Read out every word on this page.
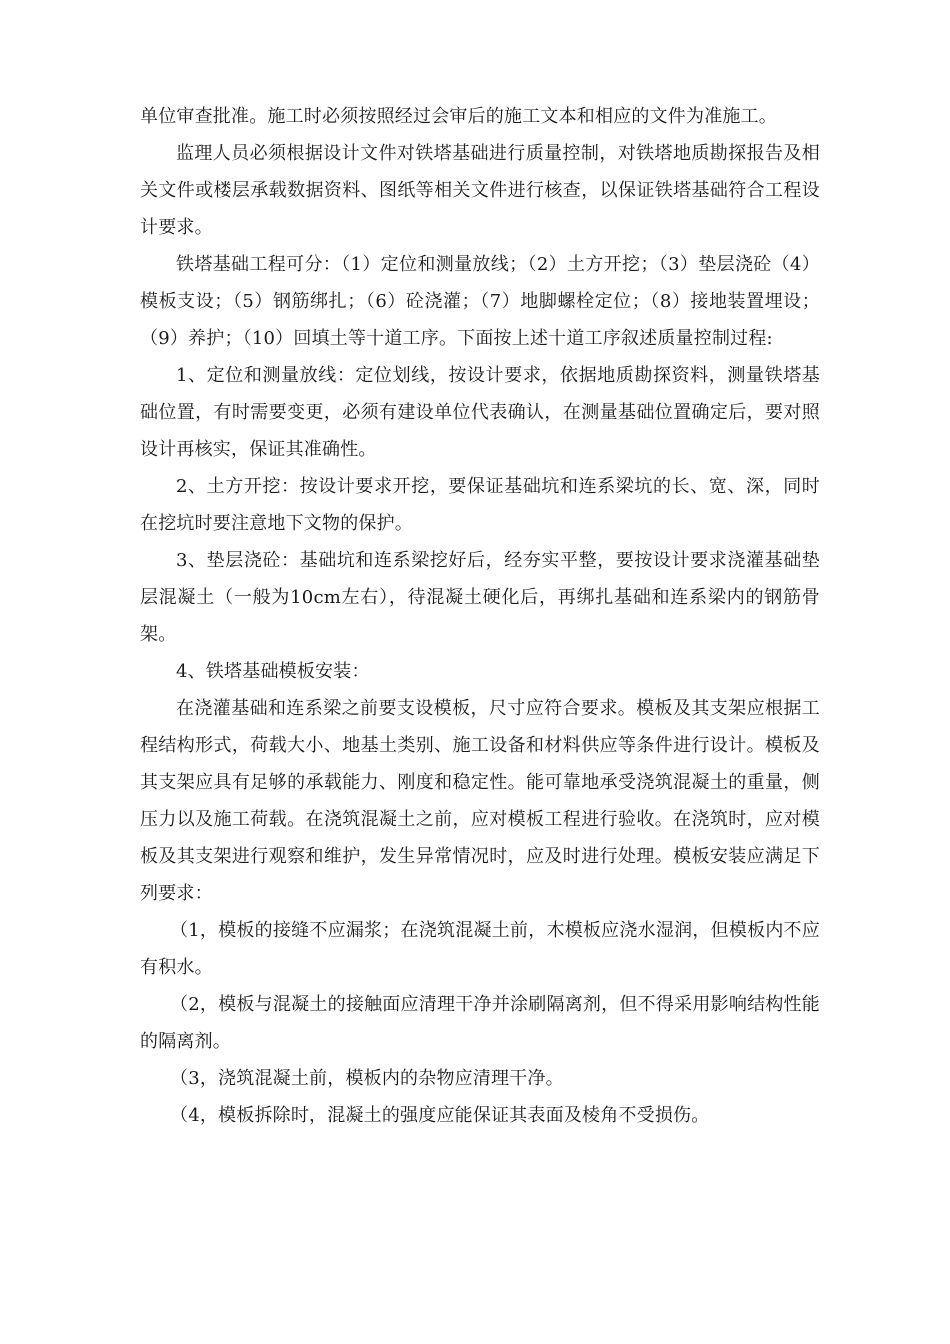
单位审查批准。施工时必须按照经过会审后的施工文本和相应的文件为准施工。

监理人员必须根据设计文件对铁塔基础进行质量控制，对铁塔地质勘探报告及相关文件或楼层承载数据资料、图纸等相关文件进行核查，以保证铁塔基础符合工程设计要求。

铁塔基础工程可分：（1）定位和测量放线；（2）土方开挖；（3）垫层浇砼（4）模板支设；（5）钢筋绑扎；（6）砼浇灌；（7）地脚螺栓定位；（8）接地装置埋设；（9）养护；（10）回填土等十道工序。下面按上述十道工序叙述质量控制过程:

1、定位和测量放线：定位划线，按设计要求，依据地质勘探资料，测量铁塔基础位置，有时需要变更，必须有建设单位代表确认，在测量基础位置确定后，要对照设计再核实，保证其准确性。

2、土方开挖：按设计要求开挖，要保证基础坑和连系梁坑的长、宽、深，同时在挖坑时要注意地下文物的保护。

3、垫层浇砼：基础坑和连系梁挖好后，经夯实平整，要按设计要求浇灌基础垫层混凝土（一般为10cm左右），待混凝土硬化后，再绑扎基础和连系梁内的钢筋骨架。

4、铁塔基础模板安装：

在浇灌基础和连系梁之前要支设模板，尺寸应符合要求。模板及其支架应根据工程结构形式，荷载大小、地基土类别、施工设备和材料供应等条件进行设计。模板及其支架应具有足够的承载能力、刚度和稳定性。能可靠地承受浇筑混凝土的重量，侧压力以及施工荷载。在浇筑混凝土之前，应对模板工程进行验收。在浇筑时，应对模板及其支架进行观察和维护，发生异常情况时，应及时进行处理。模板安装应满足下列要求：

（1，模板的接缝不应漏浆；在浇筑混凝土前，木模板应浇水湿润，但模板内不应有积水。

（2，模板与混凝土的接触面应清理干净并涂刷隔离剂，但不得采用影响结构性能的隔离剂。

（3，浇筑混凝土前，模板内的杂物应清理干净。

（4，模板拆除时，混凝土的强度应能保证其表面及棱角不受损伤。
